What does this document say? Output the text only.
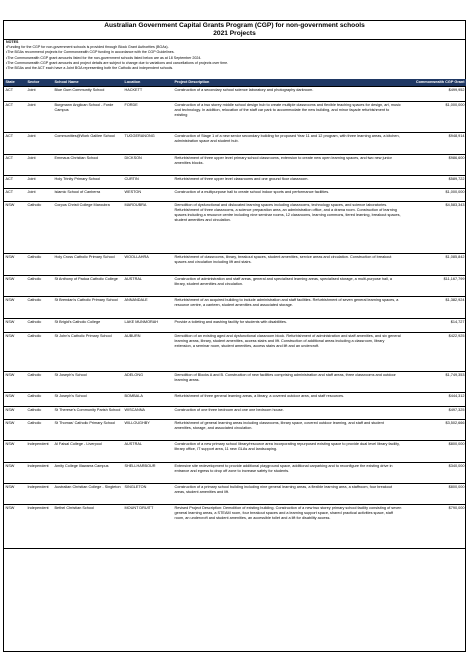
Australian Government Capital Grants Program (CGP) for non-government schools
2021 Projects
NOTES
• Funding for the CGP for non-government schools is provided through Block Grant Authorities (BGAs).
• The BGAs recommend projects for Commonwealth CGP funding in accordance with the CGP Guidelines.
• The Commonwealth CGP grant amounts listed for the non-government schools listed below are as at 18 September 2024.
• The Commonwealth CGP grant amounts and project details are subject to change due to variations and cancellations of projects over time.
• The BGAs and the ACT each have a Joint BGA representing both the Catholic and independent schools.
State	Sector	School Name	Location	Project Description	Commonwealth CGP Grant
ACT	Joint	Blue Gum Community School	HACKETT	Construction of a secondary school science laboratory and photography darkroom.	$499,952
ACT	Joint	Burgmann Anglican School - Forde Campus	FORDE	Construction of a two storey middle school design hub to create multiple classrooms and flexible teaching spaces for design, art, music and technology. In addition, relocation of the staff car park to accommodate the new building, and minor façade refurbishment to existing	$1,000,000
ACT	Joint	Communities@Work Galilee School	TUGGERANONG	Construction of Stage 1 of a new senior secondary building for proposed Year 11 and 12 program, with three learning areas, a kitchen, administration space and student hub.	$948,914
ACT	Joint	Emmaus Christian School	DICKSON	Refurbishment of three upper level primary school classrooms, extension to create new open learning spaces, and two new junior amenities blocks.	$986,600
ACT	Joint	Holy Trinity Primary School	CURTIN	Refurbishment of three upper level classrooms and one ground floor classroom.	$589,722
ACT	Joint	Islamic School of Canberra	WESTON	Construction of a multipurpose hall to create school indoor sports and performance facilities.	$1,000,000
NSW	Catholic	Corpus Christi College Maroubra	MAROUBRA	Demolition of dysfunctional and dislocated learning spaces including classrooms, technology spaces, and science laboratories. Refurbishment of three classrooms, a science preparation area, an administration office, and a drama room. Construction of learning spaces including a resource centre including nine seminar rooms, 12 classrooms, learning commons, tiered learning, breakout spaces, student amenities and circulation.	$4,583,343
NSW	Catholic	Holy Cross Catholic Primary School	WOOLLAHRA	Refurbishment of classrooms, library, breakout spaces, student amenities, service areas and circulation. Construction of breakout spaces and circulation including lift and stairs.	$1,085,842
NSW	Catholic	St Anthony of Padua Catholic College	AUSTRAL	Construction of administration and staff areas, general and specialised learning areas, specialised storage, a multi-purpose hall, a library, student amenities and circulation.	$11,167,799
NSW	Catholic	St Brendan's Catholic Primary School	ANNANDALE	Refurbishment of an acquired building to include administration and staff facilities. Refurbishment of seven general learning spaces, a resource centre, a canteen, student amenities and associated storage.	$1,382,924
NSW	Catholic	St Brigid's Catholic College	LAKE MUNMORAH	Provide a toileting and washing facility for students with disabilities.	$14,727
NSW	Catholic	St John's Catholic Primary School	AUBURN	Demolition of an existing aged and dysfunctional classroom block. Refurbishment of administration and staff amenities, and six general learning areas, library, student amenities, access stairs and lift. Construction of additional areas including a classroom, library extension, a seminar room, student amenities, access stairs and lift and an undercroft.	$422,925
NSW	Catholic	St Joseph's School	ADELONG	Demolition of Blocks A and B. Construction of new facilities comprising administration and staff areas, three classrooms and outdoor learning areas.	$1,749,353
NSW	Catholic	St Joseph's School	BOMBALA	Refurbishment of three general learning areas, a library, a covered outdoor area, and staff resources.	$444,312
NSW	Catholic	St Therese's Community Parish School	WISCANNA	Construction of one three bedroom and one one bedroom house.	$497,325
NSW	Catholic	St Thomas' Catholic Primary School	WILLOUGHBY	Refurbishment of general learning areas including classrooms, library space, covered outdoor learning, and staff and student amenities, storage, and associated circulation.	$3,502,666
NSW	Independent	Al Faisal College - Liverpool	AUSTRAL	Construction of a new primary school library/resource area incorporating repurposed existing space to provide dual level library facility, library office, IT support area, 11 new GLAs and landscaping.	$800,000
NSW	Independent	Amity College Illawarra Campus	SHELLHARBOUR	Extensive site redevelopment to provide additional playground space, additional carparking and to reconfigure the existing drive in entrance and egress to drop off zone to increase safety for students.	$340,000
NSW	Independent	Australian Christian College - Singleton	SINGLETON	Construction of a primary school building including nine general learning areas, a flexible learning area, a staffroom, four breakout areas, student amenities and lift.	$800,000
NSW	Independent	Bethel Christian School	MOUNT DRUITT	Revised Project Description: Demolition of existing building. Construction of a new two storey primary school facility consisting of seven general learning areas, a STEAM room, four breakout spaces and a learning support space, shared practical activities space, staff room, an undercroft and student amenities, an accessible toilet and a lift for disability access.	$790,000
